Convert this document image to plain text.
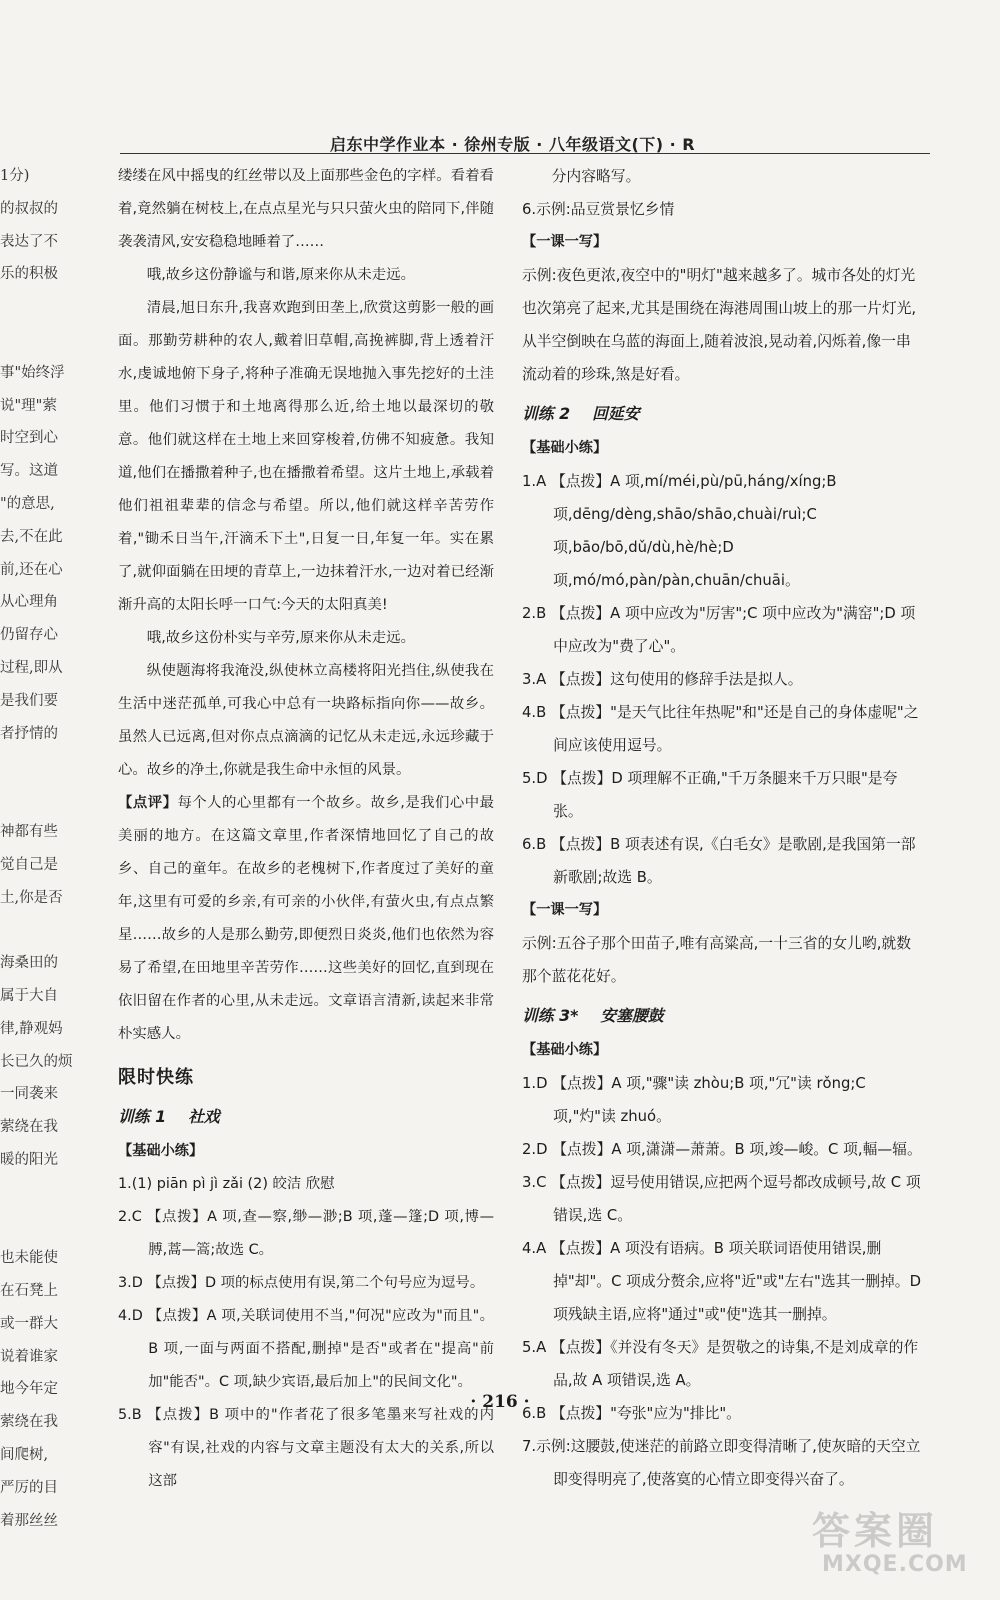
启东中学作业本 · 徐州专版 · 八年级语文(下) · R

1分)

的叔叔的

表达了不

乐的积极

事"始终浮

说"理"萦

时空到心

写。这道

"的意思,

去,不在此

前,还在心

从心理角

仍留存心

过程,即从

是我们要

者抒情的

神都有些

觉自己是

土,你是否

海桑田的

属于大自

律,静观妈

长已久的烦

一同袭来

萦绕在我

暖的阳光

也未能使

在石凳上

或一群大

说着谁家

地今年定

萦绕在我

间爬树,

严厉的目

着那丝丝

缕缕在风中摇曳的红丝带以及上面那些金色的字样。看着看着,竟然躺在树枝上,在点点星光与只只萤火虫的陪同下,伴随袭袭清风,安安稳稳地睡着了……

哦,故乡这份静谧与和谐,原来你从未走远。

清晨,旭日东升,我喜欢跑到田垄上,欣赏这剪影一般的画面。那勤劳耕种的农人,戴着旧草帽,高挽裤脚,背上透着汗水,虔诚地俯下身子,将种子准确无误地抛入事先挖好的土洼里。他们习惯于和土地离得那么近,给土地以最深切的敬意。他们就这样在土地上来回穿梭着,仿佛不知疲惫。我知道,他们在播撒着种子,也在播撒着希望。这片土地上,承载着他们祖祖辈辈的信念与希望。所以,他们就这样辛苦劳作着,"锄禾日当午,汗滴禾下土",日复一日,年复一年。实在累了,就仰面躺在田埂的青草上,一边抹着汗水,一边对着已经渐渐升高的太阳长呼一口气:今天的太阳真美!

哦,故乡这份朴实与辛劳,原来你从未走远。

纵使题海将我淹没,纵使林立高楼将阳光挡住,纵使我在生活中迷茫孤单,可我心中总有一块路标指向你——故乡。虽然人已远离,但对你点点滴滴的记忆从未走远,永远珍藏于心。故乡的净土,你就是我生命中永恒的风景。

【点评】每个人的心里都有一个故乡。故乡,是我们心中最美丽的地方。在这篇文章里,作者深情地回忆了自己的故乡、自己的童年。在故乡的老槐树下,作者度过了美好的童年,这里有可爱的乡亲,有可亲的小伙伴,有萤火虫,有点点繁星……故乡的人是那么勤劳,即便烈日炎炎,他们也依然为容易了希望,在田地里辛苦劳作……这些美好的回忆,直到现在依旧留在作者的心里,从未走远。文章语言清新,读起来非常朴实感人。

限时快练

训练 1 社戏

【基础小练】

1.(1) piān pì jì zǎi (2) 皎洁 欣慰

2.C 【点拨】A 项,查—察,缈—渺;B 项,蓬—篷;D 项,博—膊,蒿—篙;故选 C。

3.D 【点拨】D 项的标点使用有误,第二个句号应为逗号。

4.D 【点拨】A 项,关联词使用不当,"何况"应改为"而且"。B 项,一面与两面不搭配,删掉"是否"或者在"提高"前加"能否"。C 项,缺少宾语,最后加上"的民间文化"。

5.B 【点拨】B 项中的"作者花了很多笔墨来写社戏的内容"有误,社戏的内容与文章主题没有太大的关系,所以这部

分内容略写。

6.示例:品豆赏景忆乡情

【一课一写】

示例:夜色更浓,夜空中的"明灯"越来越多了。城市各处的灯光也次第亮了起来,尤其是围绕在海港周围山坡上的那一片灯光,从半空倒映在乌蓝的海面上,随着波浪,晃动着,闪烁着,像一串流动着的珍珠,煞是好看。

训练 2 回延安

【基础小练】

1.A 【点拨】A 项,mí/méi,pù/pū,háng/xíng;B 项,dēng/dèng,shāo/shāo,chuài/ruì;C 项,bāo/bō,dǔ/dù,hè/hè;D 项,mó/mó,pàn/pàn,chuān/chuāi。

2.B 【点拨】A 项中应改为"厉害";C 项中应改为"满窑";D 项中应改为"费了心"。

3.A 【点拨】这句使用的修辞手法是拟人。

4.B 【点拨】"是天气比往年热呢"和"还是自己的身体虚呢"之间应该使用逗号。

5.D 【点拨】D 项理解不正确,"千万条腿来千万只眼"是夸张。

6.B 【点拨】B 项表述有误,《白毛女》是歌剧,是我国第一部新歌剧;故选 B。

【一课一写】

示例:五谷子那个田苗子,唯有高粱高,一十三省的女儿哟,就数那个蓝花花好。

训练 3* 安塞腰鼓

【基础小练】

1.D 【点拨】A 项,"骤"读 zhòu;B 项,"冗"读 rǒng;C 项,"灼"读 zhuó。

2.D 【点拨】A 项,潇潇—萧萧。B 项,竣—峻。C 项,輻—辐。

3.C 【点拨】逗号使用错误,应把两个逗号都改成顿号,故 C 项错误,选 C。

4.A 【点拨】A 项没有语病。B 项关联词语使用错误,删掉"却"。C 项成分赘余,应将"近"或"左右"选其一删掉。D 项残缺主语,应将"通过"或"使"选其一删掉。

5.A 【点拨】《并没有冬天》是贺敬之的诗集,不是刘成章的作品,故 A 项错误,选 A。

6.B 【点拨】"夸张"应为"排比"。

7.示例:这腰鼓,使迷茫的前路立即变得清晰了,使灰暗的天空立即变得明亮了,使落寞的心情立即变得兴奋了。

· 216 ·
答案圈
MXQE.COM
